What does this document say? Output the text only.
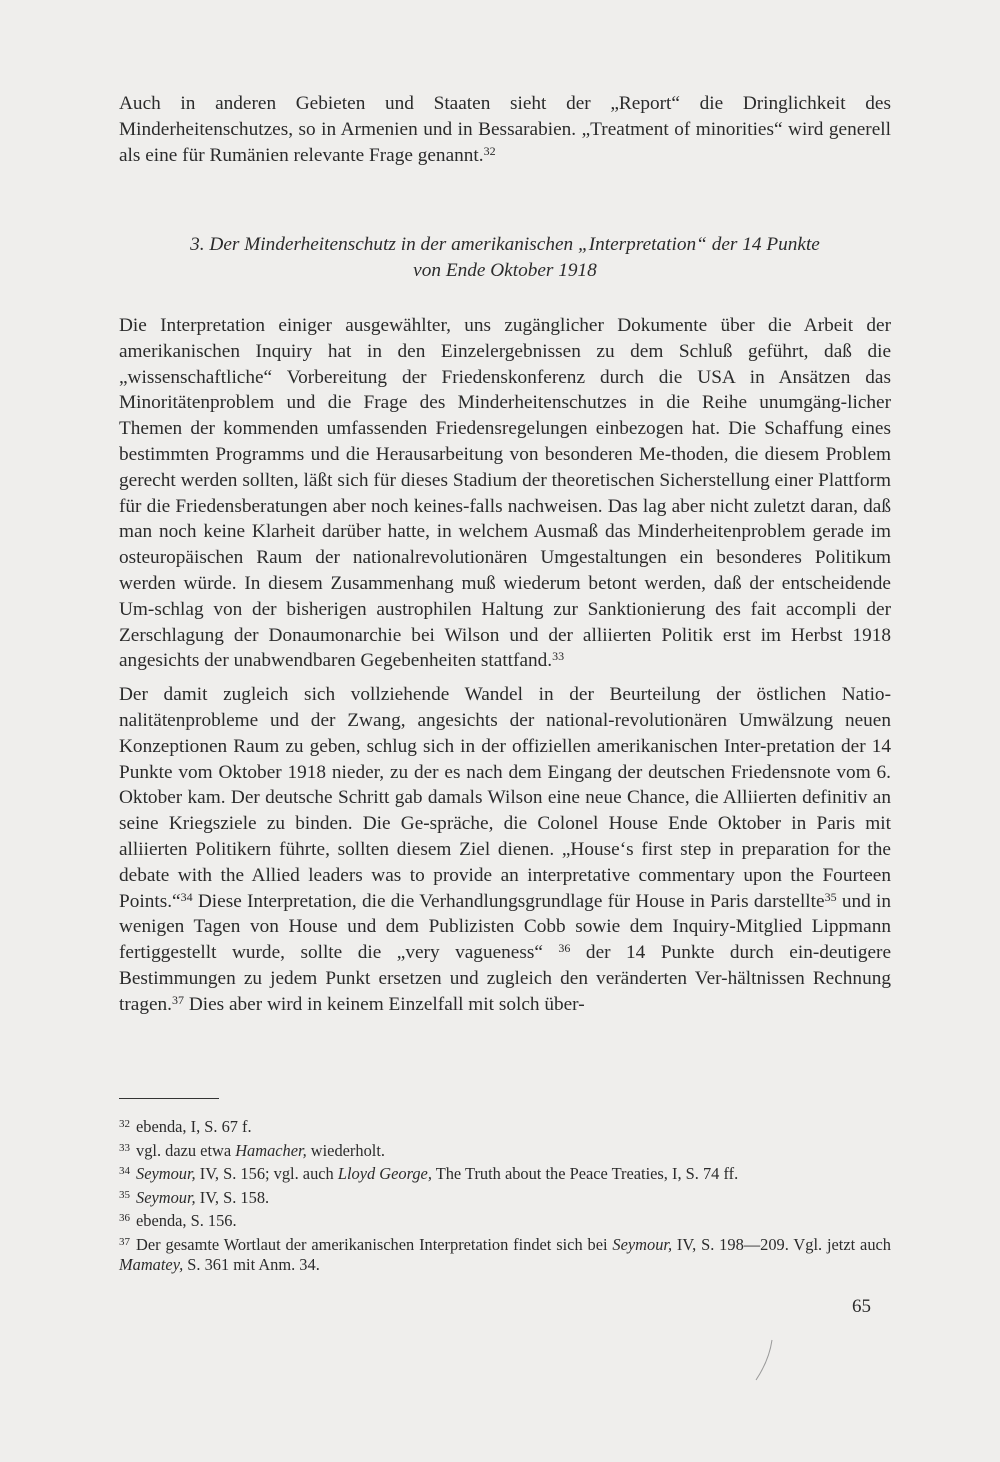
Auch in anderen Gebieten und Staaten sieht der „Report“ die Dringlichkeit des Minderheitenschutzes, so in Armenien und in Bessarabien. „Treatment of minorities“ wird generell als eine für Rumänien relevante Frage genannt.$^{32}$

3. Der Minderheitenschutz in der amerikanischen „Interpretation“ der 14 Punkte
von Ende Oktober 1918

Die Interpretation einiger ausgewählter, uns zugänglicher Dokumente über die Arbeit der amerikanischen Inquiry hat in den Einzelergebnissen zu dem Schluß geführt, daß die „wissenschaftliche“ Vorbereitung der Friedenskonferenz durch die USA in Ansätzen das Minoritätenproblem und die Frage des Minderheitenschutzes in die Reihe unumgäng-licher Themen der kommenden umfassenden Friedensregelungen einbezogen hat. Die Schaffung eines bestimmten Programms und die Herausarbeitung von besonderen Me-thoden, die diesem Problem gerecht werden sollten, läßt sich für dieses Stadium der theoretischen Sicherstellung einer Plattform für die Friedensberatungen aber noch keines-falls nachweisen. Das lag aber nicht zuletzt daran, daß man noch keine Klarheit darüber hatte, in welchem Ausmaß das Minderheitenproblem gerade im osteuropäischen Raum der nationalrevolutionären Umgestaltungen ein besonderes Politikum werden würde. In diesem Zusammenhang muß wiederum betont werden, daß der entscheidende Um-schlag von der bisherigen austrophilen Haltung zur Sanktionierung des fait accompli der Zerschlagung der Donaumonarchie bei Wilson und der alliierten Politik erst im Herbst 1918 angesichts der unabwendbaren Gegebenheiten stattfand.$^{33}$

Der damit zugleich sich vollziehende Wandel in der Beurteilung der östlichen Natio-nalitätenprobleme und der Zwang, angesichts der national-revolutionären Umwälzung neuen Konzeptionen Raum zu geben, schlug sich in der offiziellen amerikanischen Inter-pretation der 14 Punkte vom Oktober 1918 nieder, zu der es nach dem Eingang der deutschen Friedensnote vom 6. Oktober kam. Der deutsche Schritt gab damals Wilson eine neue Chance, die Alliierten definitiv an seine Kriegsziele zu binden. Die Ge-spräche, die Colonel House Ende Oktober in Paris mit alliierten Politikern führte, sollten diesem Ziel dienen. „House‘s first step in preparation for the debate with the Allied leaders was to provide an interpretative commentary upon the Fourteen Points.“$^{34}$ Diese Interpretation, die die Verhandlungsgrundlage für House in Paris darstellte$^{35}$ und in wenigen Tagen von House und dem Publizisten Cobb sowie dem Inquiry-Mitglied Lippmann fertiggestellt wurde, sollte die „very vagueness“ $^{36}$ der 14 Punkte durch ein-deutigere Bestimmungen zu jedem Punkt ersetzen und zugleich den veränderten Ver-hältnissen Rechnung tragen.$^{37}$ Dies aber wird in keinem Einzelfall mit solch über-

$^{32}$ ebenda, I, S. 67 f.

$^{33}$ vgl. dazu etwa Hamacher, wiederholt.

$^{34}$ Seymour, IV, S. 156; vgl. auch Lloyd George, The Truth about the Peace Treaties, I, S. 74 ff.

$^{35}$ Seymour, IV, S. 158.

$^{36}$ ebenda, S. 156.

$^{37}$ Der gesamte Wortlaut der amerikanischen Interpretation findet sich bei Seymour, IV, S. 198—209. Vgl. jetzt auch Mamatey, S. 361 mit Anm. 34.

65
